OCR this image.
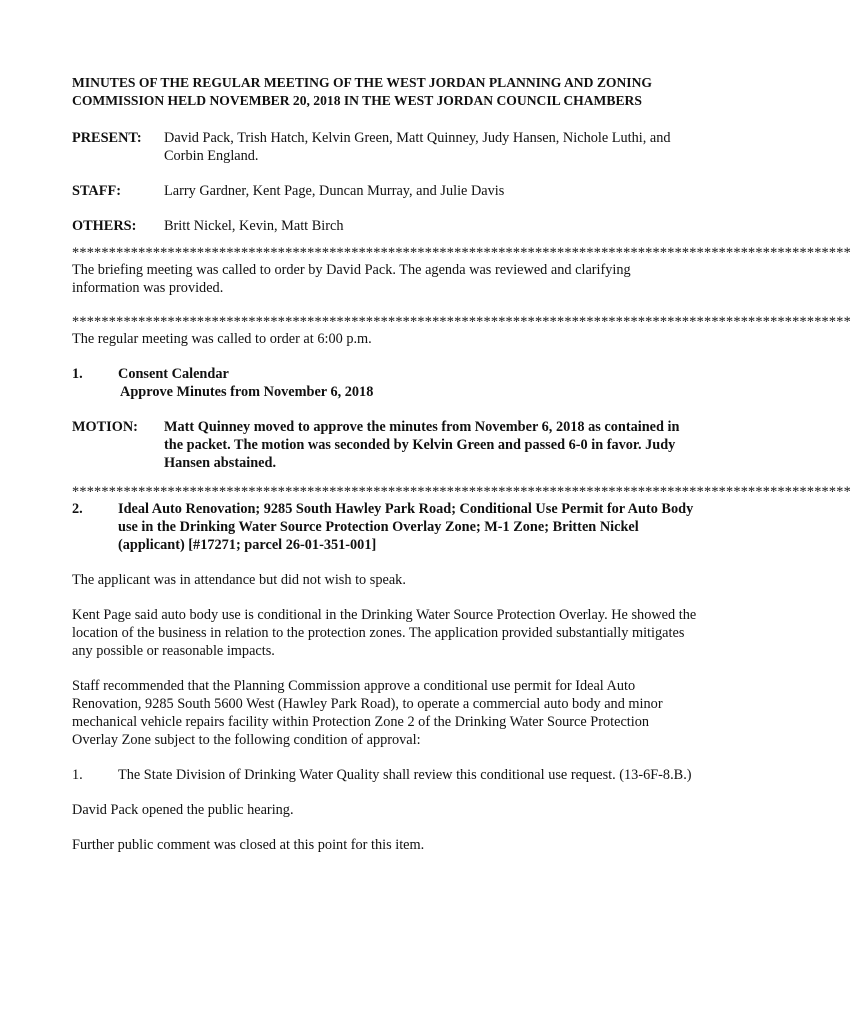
MINUTES OF THE REGULAR MEETING OF THE WEST JORDAN PLANNING AND ZONING COMMISSION HELD NOVEMBER 20, 2018 IN THE WEST JORDAN COUNCIL CHAMBERS
PRESENT:	David Pack, Trish Hatch, Kelvin Green, Matt Quinney, Judy Hansen, Nichole Luthi, and Corbin England.
STAFF:	Larry Gardner, Kent Page, Duncan Murray, and Julie Davis
OTHERS:	Britt Nickel, Kevin, Matt Birch
**********************************************************************************************************
The briefing meeting was called to order by David Pack. The agenda was reviewed and clarifying information was provided.
**********************************************************************************************************
The regular meeting was called to order at 6:00 p.m.
1.	Consent Calendar
Approve Minutes from November 6, 2018
MOTION:	Matt Quinney moved to approve the minutes from November 6, 2018 as contained in the packet. The motion was seconded by Kelvin Green and passed 6-0 in favor. Judy Hansen abstained.
**********************************************************************************************************
2.	Ideal Auto Renovation; 9285 South Hawley Park Road; Conditional Use Permit for Auto Body use in the Drinking Water Source Protection Overlay Zone; M-1 Zone; Britten Nickel (applicant) [#17271; parcel 26-01-351-001]
The applicant was in attendance but did not wish to speak.
Kent Page said auto body use is conditional in the Drinking Water Source Protection Overlay. He showed the location of the business in relation to the protection zones. The application provided substantially mitigates any possible or reasonable impacts.
Staff recommended that the Planning Commission approve a conditional use permit for Ideal Auto Renovation, 9285 South 5600 West (Hawley Park Road), to operate a commercial auto body and minor mechanical vehicle repairs facility within Protection Zone 2 of the Drinking Water Source Protection Overlay Zone subject to the following condition of approval:
1.	The State Division of Drinking Water Quality shall review this conditional use request. (13-6F-8.B.)
David Pack opened the public hearing.
Further public comment was closed at this point for this item.
